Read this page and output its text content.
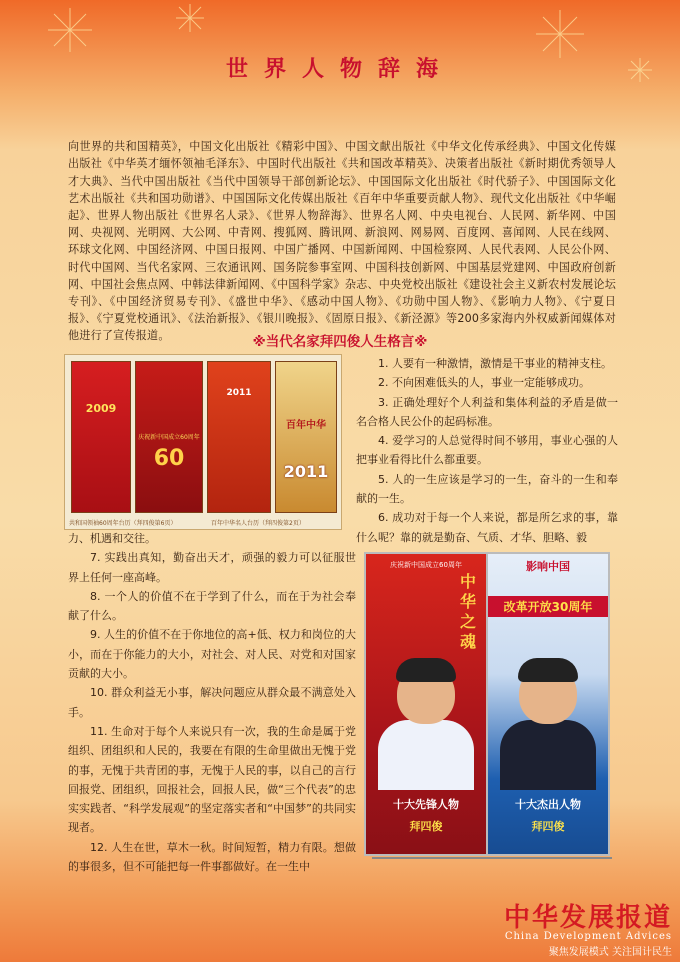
世界人物辞海

向世界的共和国精英》，中国文化出版社《精彩中国》、中国文献出版社《中华文化传承经典》、中国文化传媒出版社《中华英才缅怀领袖毛泽东》、中国时代出版社《共和国改革精英》、决策者出版社《新时期优秀领导人才大典》、当代中国出版社《当代中国领导干部创新论坛》、中国国际文化出版社《时代骄子》、中国国际文化艺术出版社《共和国功勋谱》、中国国际文化传媒出版社《百年中华重要贡献人物》、现代文化出版社《中华崛起》、世界人物出版社《世界名人录》、《世界人物辞海》、世界名人网、中央电视台、人民网、新华网、中国网、央视网、光明网、大公网、中青网、搜狐网、腾讯网、新浪网、网易网、百度网、喜闻网、人民在线网、环球文化网、中国经济网、中国日报网、中国广播网、中国新闻网、中国检察网、人民代表网、人民公仆网、时代中国网、当代名家网、三农通讯网、国务院参事室网、中国科技创新网、中国基层党建网、中国政府创新网、中国社会焦点网、中韩法律新闻网、《中国科学家》杂志、中央党校出版社《建设社会主义新农村发展论坛专刊》、《中国经济贸易专刊》、《盛世中华》、《感动中国人物》、《功勋中国人物》、《影响力人物》、《宁夏日报》、《宁夏党校通讯》、《法治新报》、《银川晚报》、《固原日报》、《新泾源》等200多家海内外权威新闻媒体对他进行了宣传报道。	※当代名家拜四俊人生格言※
2009
庆祝新中国成立60周年
60
2011
百年中华
2011
共和国领袖60周年台历（拜四俊第6页）	百年中华名人台历（拜四俊第2页）

1. 人要有一种激情，激情是干事业的精神支柱。

2. 不向困难低头的人，事业一定能够成功。

3. 正确处理好个人利益和集体利益的矛盾是做一名合格人民公仆的起码标准。

4. 爱学习的人总觉得时间不够用，事业心强的人把事业看得比什么都重要。

5. 人的一生应该是学习的一生，奋斗的一生和奉献的一生。

6. 成功对于每一个人来说，都是所乞求的事，靠什么呢？靠的就是勤奋、气质、才华、胆略、毅

力、机遇和交往。

7. 实践出真知，勤奋出天才，顽强的毅力可以征服世界上任何一座高峰。

8. 一个人的价值不在于学到了什么，而在于为社会奉献了什么。

9. 人生的价值不在于你地位的高+低、权力和岗位的大小，而在于你能力的大小，对社会、对人民、对党和对国家贡献的大小。

10. 群众利益无小事，解决问题应从群众最不满意处入手。

11. 生命对于每个人来说只有一次，我的生命是属于党组织、团组织和人民的，我要在有限的生命里做出无愧于党的事，无愧于共青团的事，无愧于人民的事，以自己的言行回报党、团组织，回报社会，回报人民，做“三个代表”的忠实实践者、“科学发展观”的坚定落实者和“中国梦”的共同实现者。

12. 人生在世，草木一秋。时间短暂，精力有限。想做的事很多，但不可能把每一件事都做好。在一生中

庆祝新中国成立60周年
中华之魂
十大先锋人物
拜四俊
影响中国
改革开放30周年
十大杰出人物
拜四俊
中华发展报道
China Development Advices
聚焦发展模式 关注国计民生
